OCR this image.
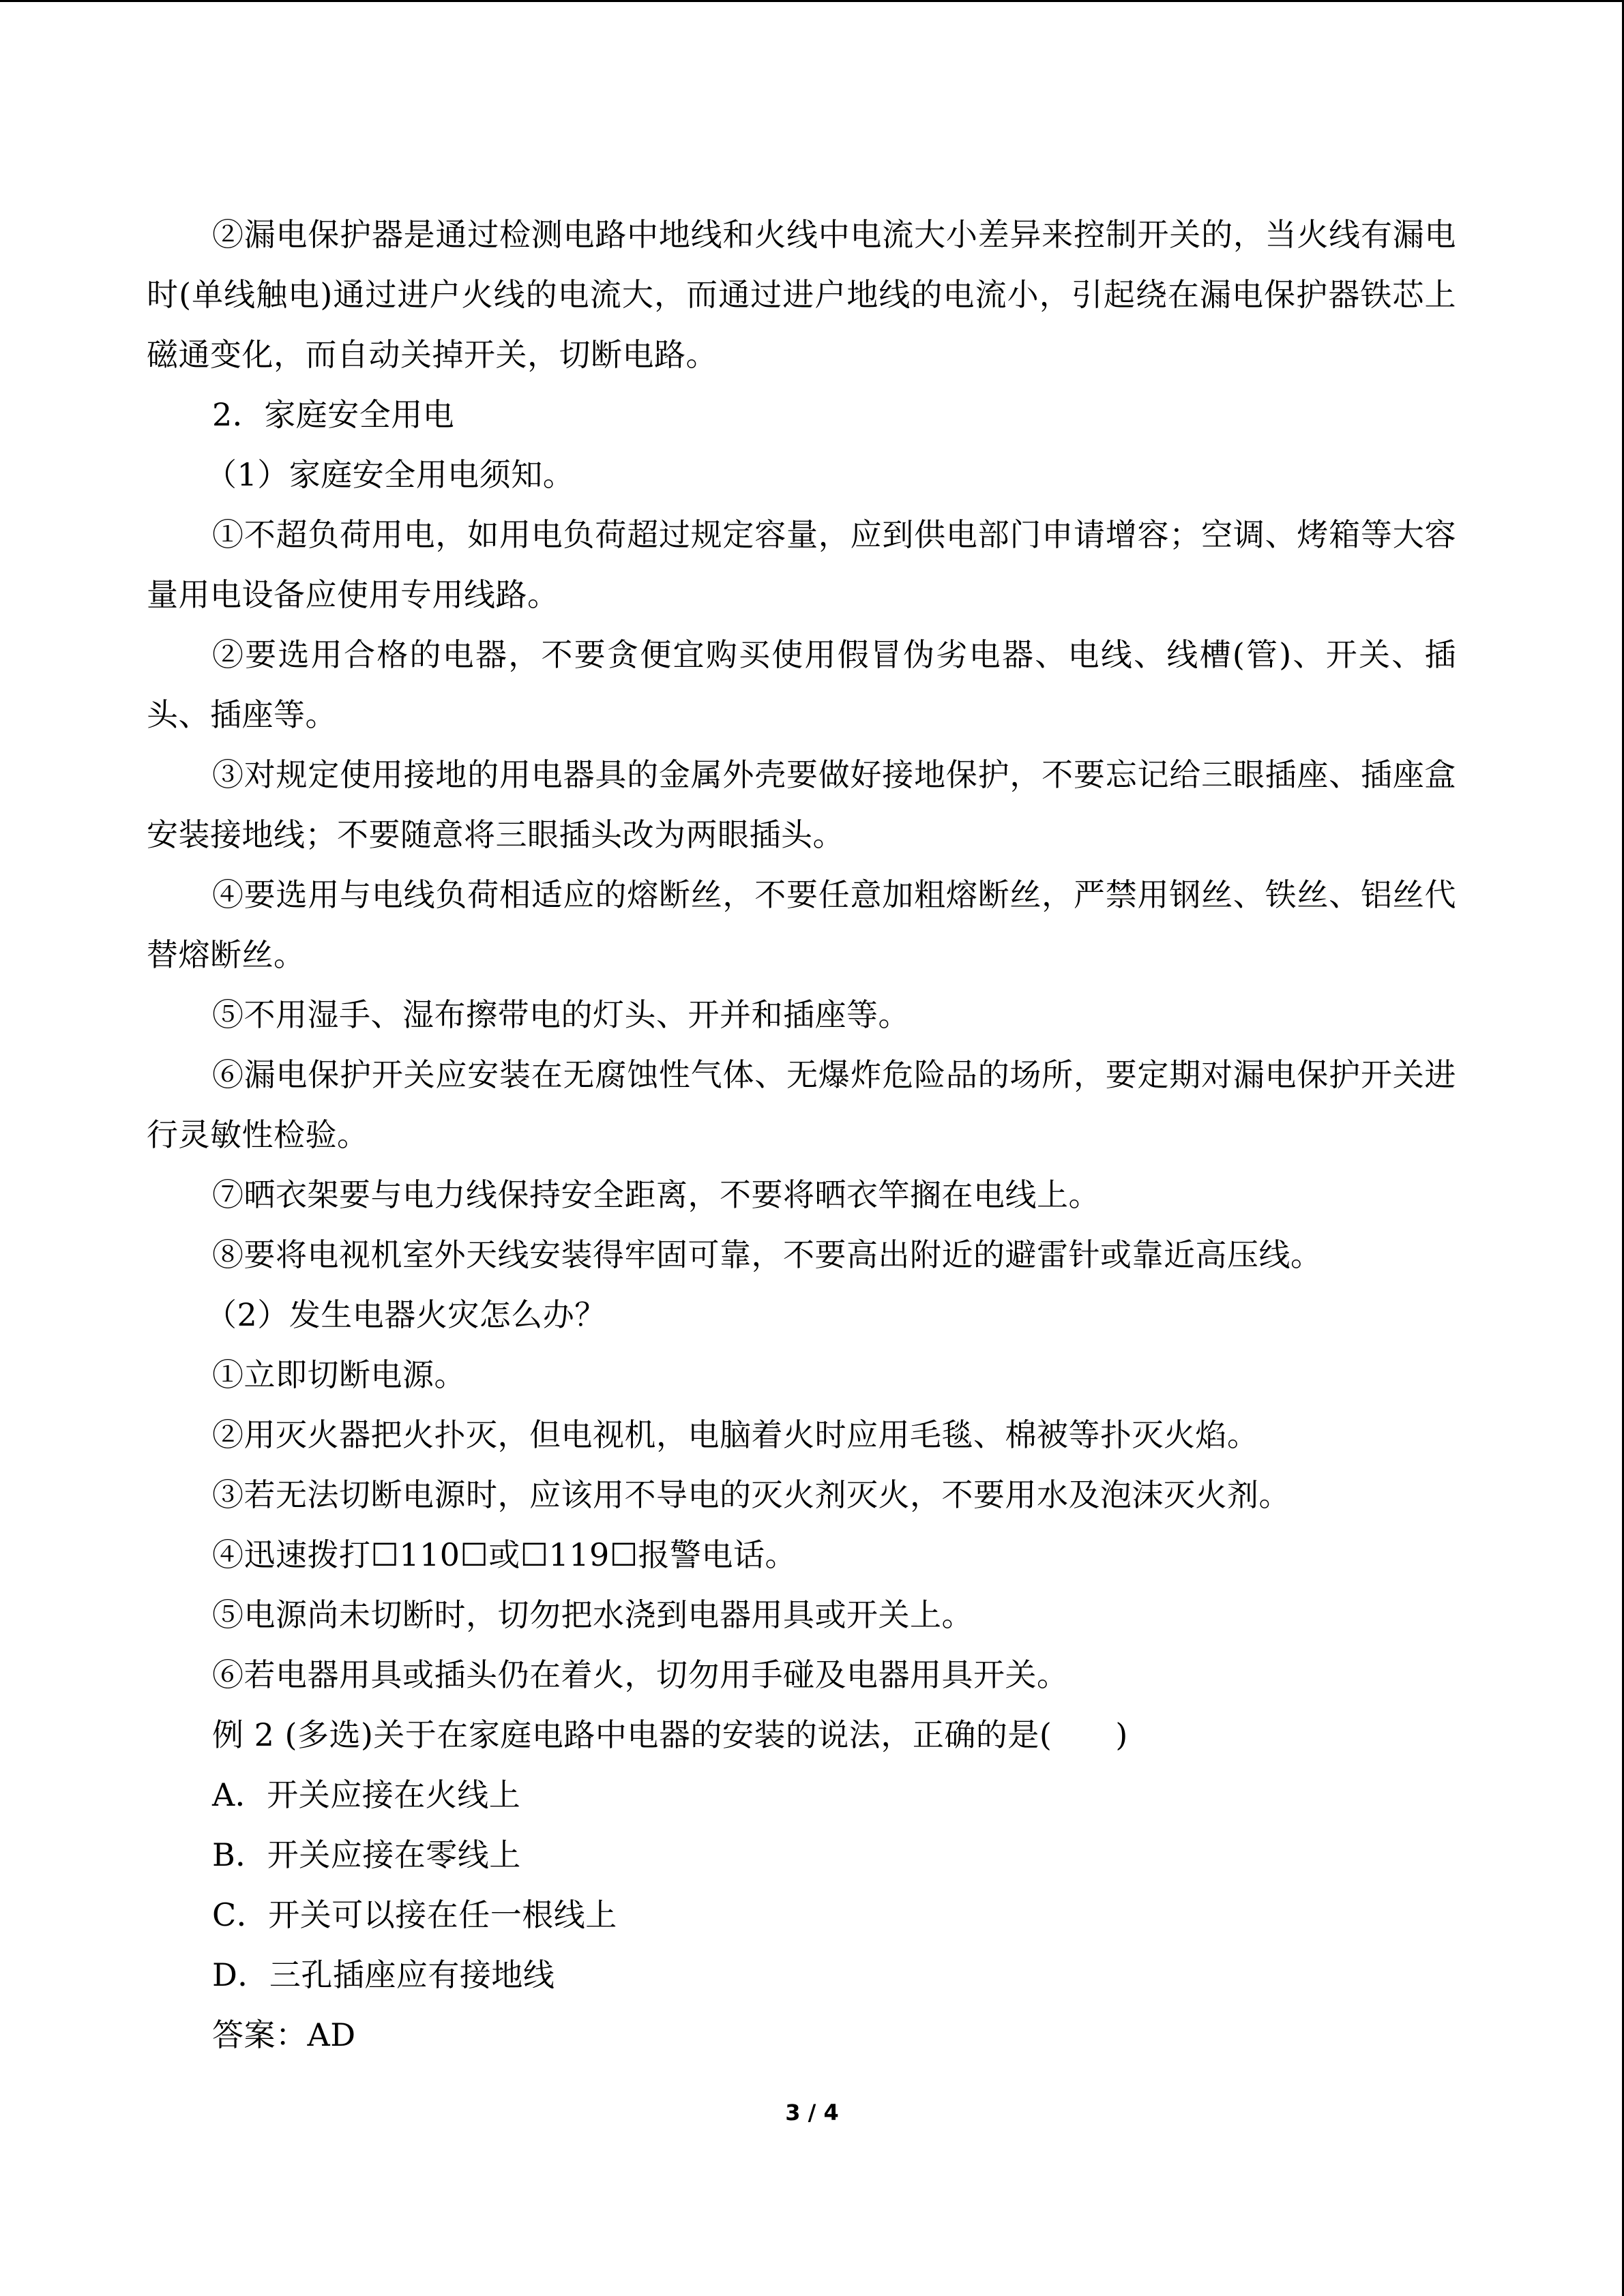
②漏电保护器是通过检测电路中地线和火线中电流大小差异来控制开关的，当火线有漏电时(单线触电)通过进户火线的电流大，而通过进户地线的电流小，引起绕在漏电保护器铁芯上磁通变化，而自动关掉开关，切断电路。

2．家庭安全用电

（1）家庭安全用电须知。

①不超负荷用电，如用电负荷超过规定容量，应到供电部门申请增容；空调、烤箱等大容量用电设备应使用专用线路。

②要选用合格的电器，不要贪便宜购买使用假冒伪劣电器、电线、线槽(管)、开关、插头、插座等。

③对规定使用接地的用电器具的金属外壳要做好接地保护，不要忘记给三眼插座、插座盒安装接地线；不要随意将三眼插头改为两眼插头。

④要选用与电线负荷相适应的熔断丝，不要任意加粗熔断丝，严禁用钢丝、铁丝、铝丝代替熔断丝。

⑤不用湿手、湿布擦带电的灯头、开并和插座等。

⑥漏电保护开关应安装在无腐蚀性气体、无爆炸危险品的场所，要定期对漏电保护开关进行灵敏性检验。

⑦晒衣架要与电力线保持安全距离，不要将晒衣竿搁在电线上。

⑧要将电视机室外天线安装得牢固可靠，不要高出附近的避雷针或靠近高压线。

（2）发生电器火灾怎么办？

①立即切断电源。

②用灭火器把火扑灭，但电视机，电脑着火时应用毛毯、棉被等扑灭火焰。

③若无法切断电源时，应该用不导电的灭火剂灭火，不要用水及泡沫灭火剂。

④迅速拨打☐110☐或☐119☐报警电话。

⑤电源尚未切断时，切勿把水浇到电器用具或开关上。

⑥若电器用具或插头仍在着火，切勿用手碰及电器用具开关。

例 2 (多选)关于在家庭电路中电器的安装的说法，正确的是(　　)

A．开关应接在火线上

B．开关应接在零线上

C．开关可以接在任一根线上

D．三孔插座应有接地线

答案：AD

3 / 4
